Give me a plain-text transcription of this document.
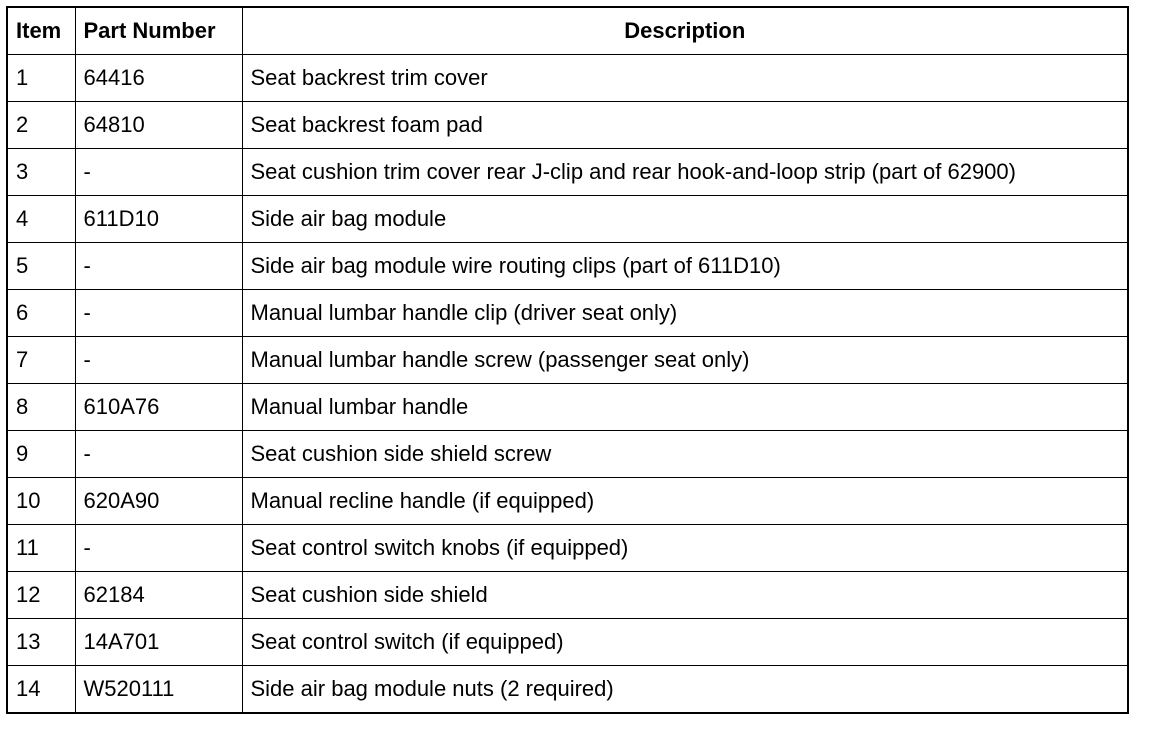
Item	Part Number	Description
1	64416	Seat backrest trim cover
2	64810	Seat backrest foam pad
3	-	Seat cushion trim cover rear J-clip and rear hook-and-loop strip (part of 62900)
4	611D10	Side air bag module
5	-	Side air bag module wire routing clips (part of 611D10)
6	-	Manual lumbar handle clip (driver seat only)
7	-	Manual lumbar handle screw (passenger seat only)
8	610A76	Manual lumbar handle
9	-	Seat cushion side shield screw
10	620A90	Manual recline handle (if equipped)
11	-	Seat control switch knobs (if equipped)
12	62184	Seat cushion side shield
13	14A701	Seat control switch (if equipped)
14	W520111	Side air bag module nuts (2 required)
